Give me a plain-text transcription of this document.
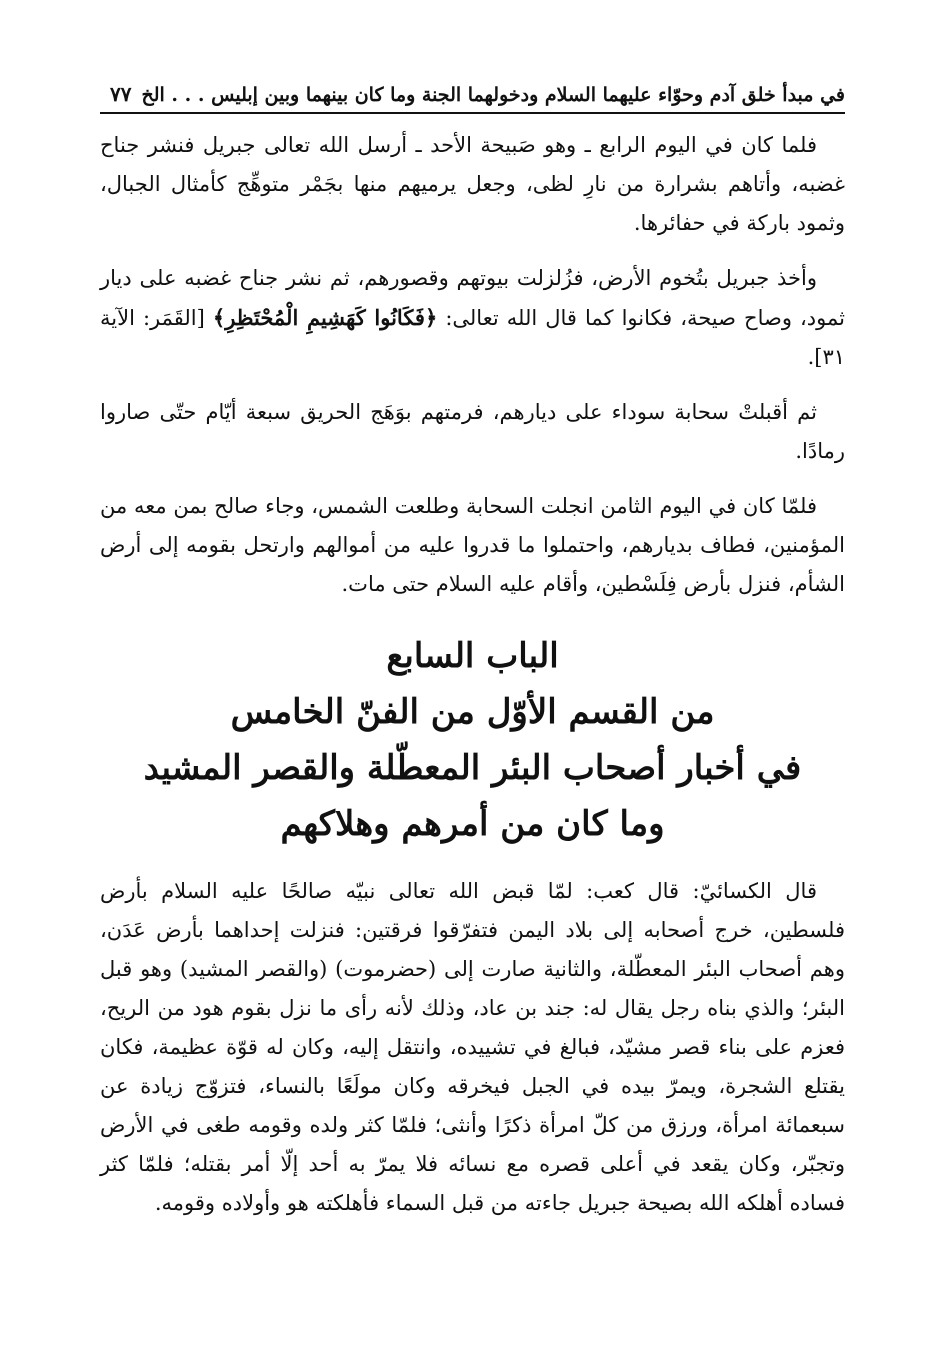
في مبدأ خلق آدم وحوّاء عليهما السلام ودخولهما الجنة وما كان بينهما وبين إبليس . . . الخ
٧٧

فلما كان في اليوم الرابع ـ وهو صَبيحة الأحد ـ أرسل الله تعالى جبريل فنشر جناح غضبه، وأتاهم بشرارة من نارِ لظى، وجعل يرميهم منها بجَمْر متوهِّج كأمثال الجبال، وثمود باركة في حفائرها.

وأخذ جبريل بتُخوم الأرض، فزُلزلت بيوتهم وقصورهم، ثم نشر جناح غضبه على ديار ثمود، وصاح صيحة، فكانوا كما قال الله تعالى: ﴿فَكَانُوا كَهَشِيمِ الْمُحْتَظِرِ﴾ [القَمَر: الآية ٣١].

ثم أقبلتْ سحابة سوداء على ديارهم، فرمتهم بوَهَج الحريق سبعة أيّام حتّى صاروا رمادًا.

فلمّا كان في اليوم الثامن انجلت السحابة وطلعت الشمس، وجاء صالح بمن معه من المؤمنين، فطاف بديارهم، واحتملوا ما قدروا عليه من أموالهم وارتحل بقومه إلى أرض الشأم، فنزل بأرض فِلَسْطين، وأقام عليه السلام حتى مات.

الباب السابع
من القسم الأوّل من الفنّ الخامس
في أخبار أصحاب البئر المعطّلة والقصر المشيد
وما كان من أمرهم وهلاكهم

قال الكسائيّ: قال كعب: لمّا قبض الله تعالى نبيّه صالحًا عليه السلام بأرض فلسطين، خرج أصحابه إلى بلاد اليمن فتفرّقوا فرقتين: فنزلت إحداهما بأرض عَدَن، وهم أصحاب البئر المعطّلة، والثانية صارت إلى (حضرموت) (والقصر المشيد) وهو قبل البئر؛ والذي بناه رجل يقال له: جند بن عاد، وذلك لأنه رأى ما نزل بقوم هود من الريح، فعزم على بناء قصر مشيّد، فبالغ في تشييده، وانتقل إليه، وكان له قوّة عظيمة، فكان يقتلع الشجرة، ويمرّ بيده في الجبل فيخرقه وكان مولَعًا بالنساء، فتزوّج زيادة عن سبعمائة امرأة، ورزق من كلّ امرأة ذكرًا وأنثى؛ فلمّا كثر ولده وقومه طغى في الأرض وتجبّر، وكان يقعد في أعلى قصره مع نسائه فلا يمرّ به أحد إلّا أمر بقتله؛ فلمّا كثر فساده أهلكه الله بصيحة جبريل جاءته من قبل السماء فأهلكته هو وأولاده وقومه.
